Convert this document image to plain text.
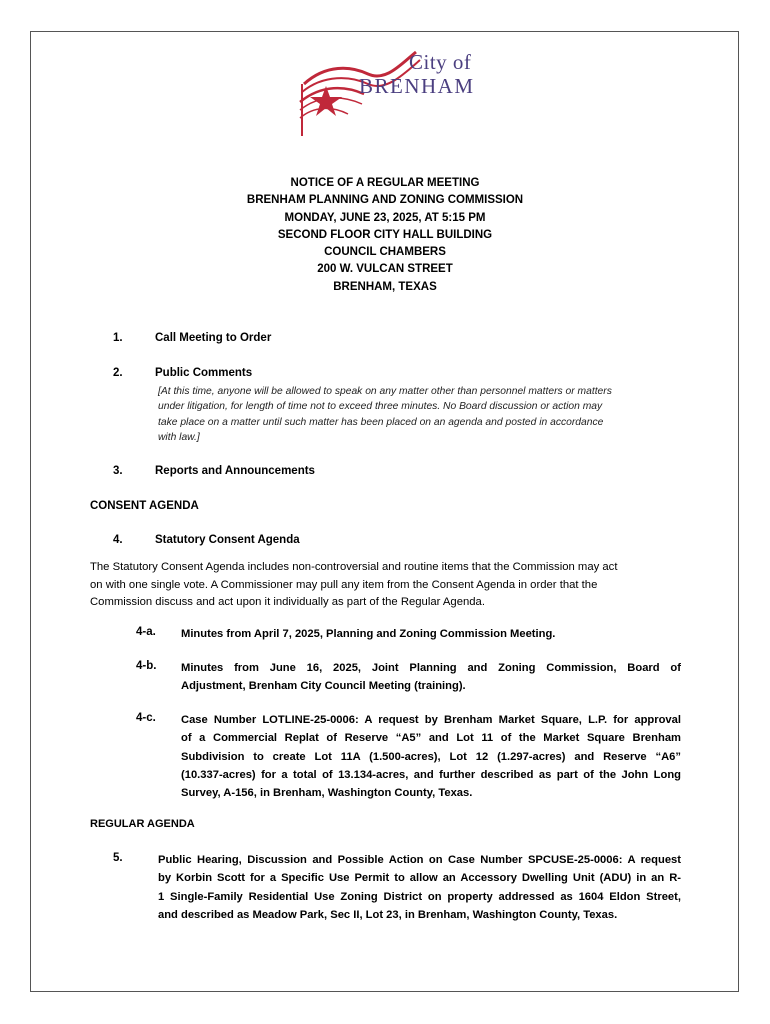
City of
BRENHAM
NOTICE OF A REGULAR MEETING
BRENHAM PLANNING AND ZONING COMMISSION
MONDAY, JUNE 23, 2025, AT 5:15 PM
SECOND FLOOR CITY HALL BUILDING
COUNCIL CHAMBERS
200 W. VULCAN STREET
BRENHAM, TEXAS
1.	Call Meeting to Order
2.	Public Comments
[At this time, anyone will be allowed to speak on any matter other than personnel matters or matters
under litigation, for length of time not to exceed three minutes. No Board discussion or action may
take place on a matter until such matter has been placed on an agenda and posted in accordance
with law.]
3.	Reports and Announcements
CONSENT AGENDA
4.	Statutory Consent Agenda
The Statutory Consent Agenda includes non-controversial and routine items that the Commission may act
on with one single vote. A Commissioner may pull any item from the Consent Agenda in order that the
Commission discuss and act upon it individually as part of the Regular Agenda.
4-a. Minutes from April 7, 2025, Planning and Zoning Commission Meeting.
4-b. Minutes from June 16, 2025, Joint Planning and Zoning Commission, Board of
Adjustment, Brenham City Council Meeting (training).
4-c. Case Number LOTLINE-25-0006: A request by Brenham Market Square, L.P. for approval
of a Commercial Replat of Reserve “A5” and Lot 11 of the Market Square Brenham
Subdivision to create Lot 11A (1.500-acres), Lot 12 (1.297-acres) and Reserve “A6”
(10.337-acres) for a total of 13.134-acres, and further described as part of the John Long
Survey, A-156, in Brenham, Washington County, Texas.
REGULAR AGENDA
5.	Public Hearing, Discussion and Possible Action on Case Number SPCUSE-25-0006: A request
by Korbin Scott for a Specific Use Permit to allow an Accessory Dwelling Unit (ADU) in an R-
1 Single-Family Residential Use Zoning District on property addressed as 1604 Eldon Street,
and described as Meadow Park, Sec II, Lot 23, in Brenham, Washington County, Texas.
